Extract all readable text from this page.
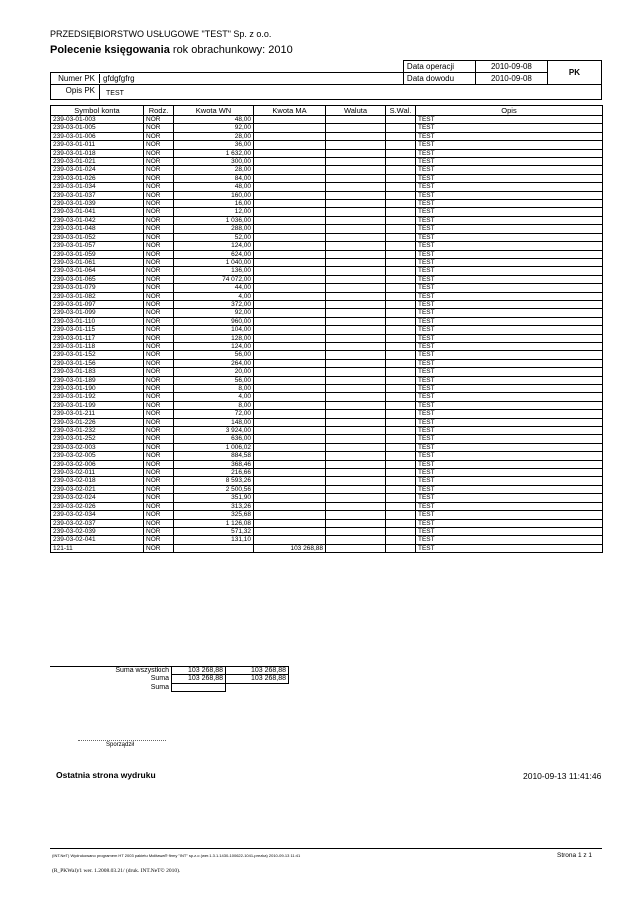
PRZEDSIĘBIORSTWO USŁUGOWE "TEST" Sp. z o.o.
Polecenie księgowania rok obrachunkowy: 2010
	Data operacji	2010-09-08	PK
Numer PK gfdgfgfrg	Data dowodu	2010-09-08	
Opis PK TEST			
Symbol konta	Rodz.	Kwota WN	Kwota MA	Waluta	S.Wal.	Opis
239-03-01-003	NOR	48,00				TEST
239-03-01-005	NOR	92,00				TEST
239-03-01-006	NOR	28,00				TEST
239-03-01-011	NOR	36,00				TEST
239-03-01-018	NOR	1 632,00				TEST
239-03-01-021	NOR	300,00				TEST
239-03-01-024	NOR	28,00				TEST
239-03-01-026	NOR	84,00				TEST
239-03-01-034	NOR	48,00				TEST
239-03-01-037	NOR	160,00				TEST
239-03-01-039	NOR	16,00				TEST
239-03-01-041	NOR	12,00				TEST
239-03-01-042	NOR	1 036,00				TEST
239-03-01-048	NOR	288,00				TEST
239-03-01-052	NOR	52,00				TEST
239-03-01-057	NOR	124,00				TEST
239-03-01-059	NOR	624,00				TEST
239-03-01-061	NOR	1 040,00				TEST
239-03-01-064	NOR	136,00				TEST
239-03-01-065	NOR	74 072,00				TEST
239-03-01-079	NOR	44,00				TEST
239-03-01-082	NOR	4,00				TEST
239-03-01-097	NOR	372,00				TEST
239-03-01-099	NOR	92,00				TEST
239-03-01-110	NOR	960,00				TEST
239-03-01-115	NOR	104,00				TEST
239-03-01-117	NOR	128,00				TEST
239-03-01-118	NOR	124,00				TEST
239-03-01-152	NOR	56,00				TEST
239-03-01-156	NOR	264,00				TEST
239-03-01-183	NOR	20,00				TEST
239-03-01-189	NOR	56,00				TEST
239-03-01-190	NOR	8,00				TEST
239-03-01-192	NOR	4,00				TEST
239-03-01-199	NOR	8,00				TEST
239-03-01-211	NOR	72,00				TEST
239-03-01-226	NOR	148,00				TEST
239-03-01-232	NOR	3 924,00				TEST
239-03-01-252	NOR	636,00				TEST
239-03-02-003	NOR	1 006,02				TEST
239-03-02-005	NOR	884,58				TEST
239-03-02-006	NOR	368,46				TEST
239-03-02-011	NOR	216,66				TEST
239-03-02-018	NOR	8 593,26				TEST
239-03-02-021	NOR	2 500,56				TEST
239-03-02-024	NOR	351,90				TEST
239-03-02-026	NOR	313,26				TEST
239-03-02-034	NOR	325,68				TEST
239-03-02-037	NOR	1 126,08				TEST
239-03-02-039	NOR	571,32				TEST
239-03-02-041	NOR	131,10				TEST
121-11	NOR		103 268,88			TEST
Suma wszystkich	103 268,88	103 268,88
Suma	103 268,88	103 268,88
Suma		
Sporządził
Ostatnia strona wydruku	2010-09-13 11:41:46
(INT.NeT) Wydrukowano programem HT 2003 pakietu Molitawa® firmy "INT" sp.z.o (wer.1.3.1.1430-100622-1041-prezka) 2010-09-13 11:41	Strona 1 z 1
(R_PKWal)/1 wer. 1.2008.03.21/ (druk. INT.NeT© 2010).
